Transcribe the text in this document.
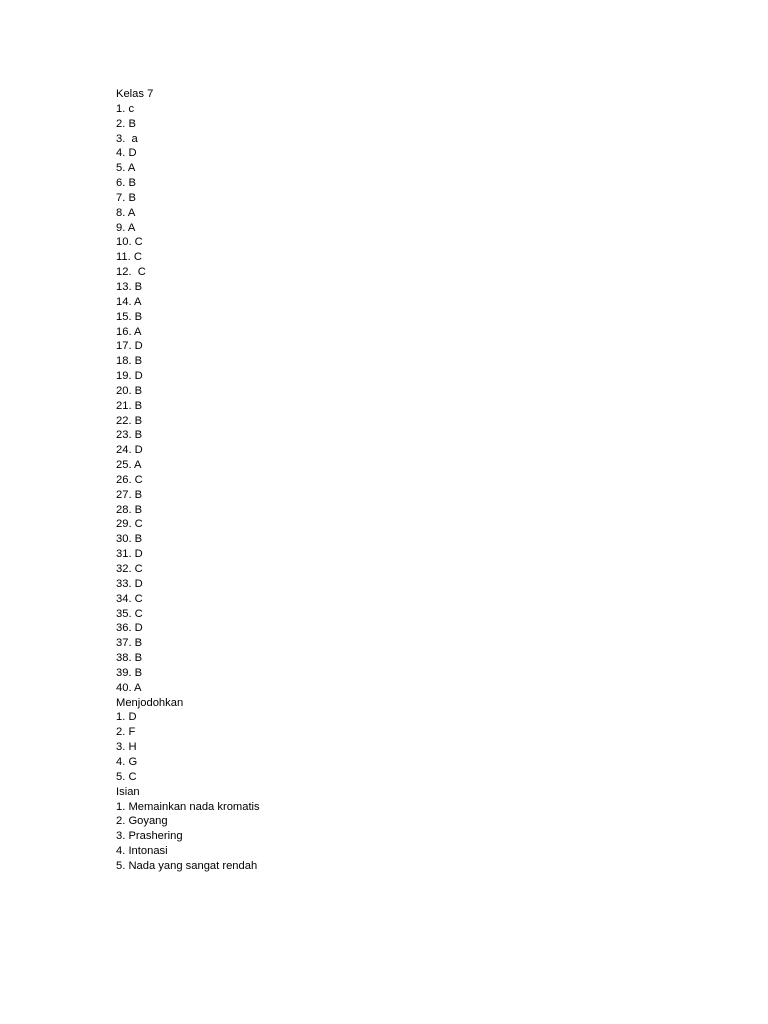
Kelas 7
1. c
2. B
3.  a
4. D
5. A
6. B
7. B
8. A
9. A
10. C
11. C
12.  C
13. B
14. A
15. B
16. A
17. D
18. B
19. D
20. B
21. B
22. B
23. B
24. D
25. A
26. C
27. B
28. B
29. C
30. B
31. D
32. C
33. D
34. C
35. C
36. D
37. B
38. B
39. B
40. A
Menjodohkan
1. D
2. F
3. H
4. G
5. C
Isian
1. Memainkan nada kromatis
2. Goyang
3. Prashering
4. Intonasi
5. Nada yang sangat rendah
